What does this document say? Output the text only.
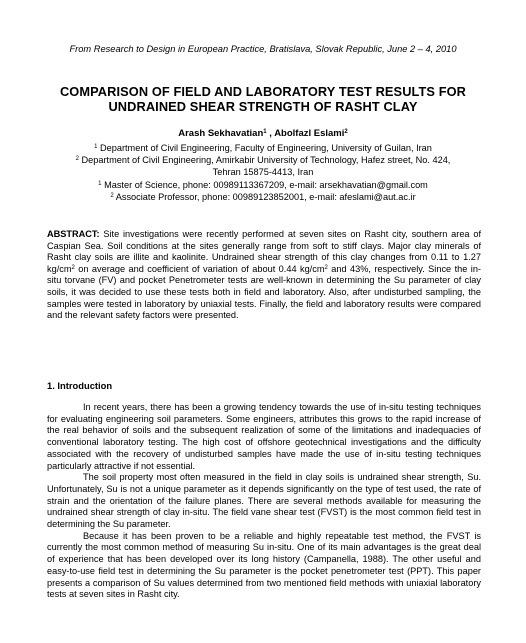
From Research to Design in European Practice, Bratislava, Slovak Republic, June 2 – 4, 2010
COMPARISON OF FIELD AND LABORATORY TEST RESULTS FOR
UNDRAINED SHEAR STRENGTH OF RASHT CLAY
Arash Sekhavatian$^1$ , Abolfazl Eslami$^2$
$^1$ Department of Civil Engineering, Faculty of Engineering, University of Guilan, Iran
$^2$ Department of Civil Engineering, Amirkabir University of Technology, Hafez street, No. 424,
Tehran 15875-4413, Iran
$^1$ Master of Science, phone: 00989113367209, e-mail: arsekhavatian@gmail.com
$^2$ Associate Professor, phone: 00989123852001, e-mail: afeslami@aut.ac.ir
ABSTRACT: Site investigations were recently performed at seven sites on Rasht city, southern area of Caspian Sea. Soil conditions at the sites generally range from soft to stiff clays. Major clay minerals of Rasht clay soils are illite and kaolinite. Undrained shear strength of this clay changes from 0.11 to 1.27 $kg/cm^2$ on average and coefficient of variation of about 0.44 $kg/cm^2$ and 43%, respectively. Since the in-situ torvane (FV) and pocket Penetrometer tests are well-known in determining the Su parameter of clay soils, it was decided to use these tests both in field and laboratory. Also, after undisturbed sampling, the samples were tested in laboratory by uniaxial tests. Finally, the field and laboratory results were compared and the relevant safety factors were presented.
1. Introduction

In recent years, there has been a growing tendency towards the use of in-situ testing techniques for evaluating engineering soil parameters. Some engineers, attributes this grows to the rapid increase of the real behavior of soils and the subsequent realization of some of the limitations and inadequacies of conventional laboratory testing. The high cost of offshore geotechnical investigations and the difficulty associated with the recovery of undisturbed samples have made the use of in-situ testing techniques particularly attractive if not essential.

The soil property most often measured in the field in clay soils is undrained shear strength, Su. Unfortunately, Su is not a unique parameter as it depends significantly on the type of test used, the rate of strain and the orientation of the failure planes. There are several methods available for measuring the undrained shear strength of clay in-situ. The field vane shear test (FVST) is the most common field test in determining the Su parameter.

Because it has been proven to be a reliable and highly repeatable test method, the FVST is currently the most common method of measuring Su in-situ. One of its main advantages is the great deal of experience that has been developed over its long history (Campanella, 1988). The other useful and easy-to-use field test in determining the Su parameter is the pocket penetrometer test (PPT). This paper presents a comparison of Su values determined from two mentioned field methods with uniaxial laboratory tests at seven sites in Rasht city.
